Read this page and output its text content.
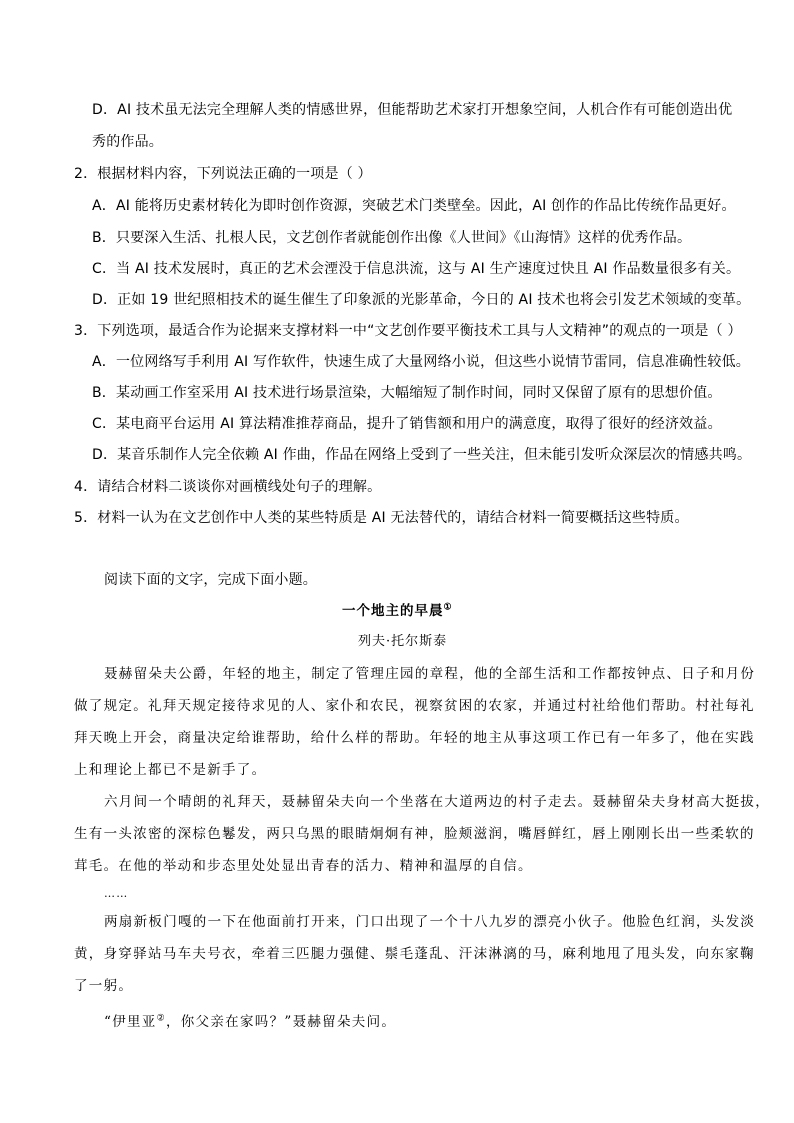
D．AI 技术虽无法完全理解人类的情感世界，但能帮助艺术家打开想象空间，人机合作有可能创造出优
秀的作品。
2．根据材料内容，下列说法正确的一项是（ ）
A．AI 能将历史素材转化为即时创作资源，突破艺术门类壁垒。因此，AI 创作的作品比传统作品更好。
B．只要深入生活、扎根人民，文艺创作者就能创作出像《人世间》《山海情》这样的优秀作品。
C．当 AI 技术发展时，真正的艺术会湮没于信息洪流，这与 AI 生产速度过快且 AI 作品数量很多有关。
D．正如 19 世纪照相技术的诞生催生了印象派的光影革命，今日的 AI 技术也将会引发艺术领域的变革。
3．下列选项，最适合作为论据来支撑材料一中“文艺创作要平衡技术工具与人文精神”的观点的一项是（ ）
A．一位网络写手利用 AI 写作软件，快速生成了大量网络小说，但这些小说情节雷同，信息准确性较低。
B．某动画工作室采用 AI 技术进行场景渲染，大幅缩短了制作时间，同时又保留了原有的思想价值。
C．某电商平台运用 AI 算法精准推荐商品，提升了销售额和用户的满意度，取得了很好的经济效益。
D．某音乐制作人完全依赖 AI 作曲，作品在网络上受到了一些关注，但未能引发听众深层次的情感共鸣。
4．请结合材料二谈谈你对画横线处句子的理解。
5．材料一认为在文艺创作中人类的某些特质是 AI 无法替代的，请结合材料一简要概括这些特质。
阅读下面的文字，完成下面小题。
一个地主的早晨①
列夫·托尔斯泰
聂赫留朵夫公爵，年轻的地主，制定了管理庄园的章程，他的全部生活和工作都按钟点、日子和月份
做了规定。礼拜天规定接待求见的人、家仆和农民，视察贫困的农家，并通过村社给他们帮助。村社每礼
拜天晚上开会，商量决定给谁帮助，给什么样的帮助。年轻的地主从事这项工作已有一年多了，他在实践
上和理论上都已不是新手了。
六月间一个晴朗的礼拜天，聂赫留朵夫向一个坐落在大道两边的村子走去。聂赫留朵夫身材高大挺拔，
生有一头浓密的深棕色鬈发，两只乌黑的眼睛炯炯有神，脸颊滋润，嘴唇鲜红，唇上刚刚长出一些柔软的
茸毛。在他的举动和步态里处处显出青春的活力、精神和温厚的自信。
……
两扇新板门嘎的一下在他面前打开来，门口出现了一个十八九岁的漂亮小伙子。他脸色红润，头发淡
黄，身穿驿站马车夫号衣，牵着三匹腿力强健、鬃毛蓬乱、汗沫淋漓的马，麻利地甩了甩头发，向东家鞠
了一躬。
“伊里亚②，你父亲在家吗？”聂赫留朵夫问。
